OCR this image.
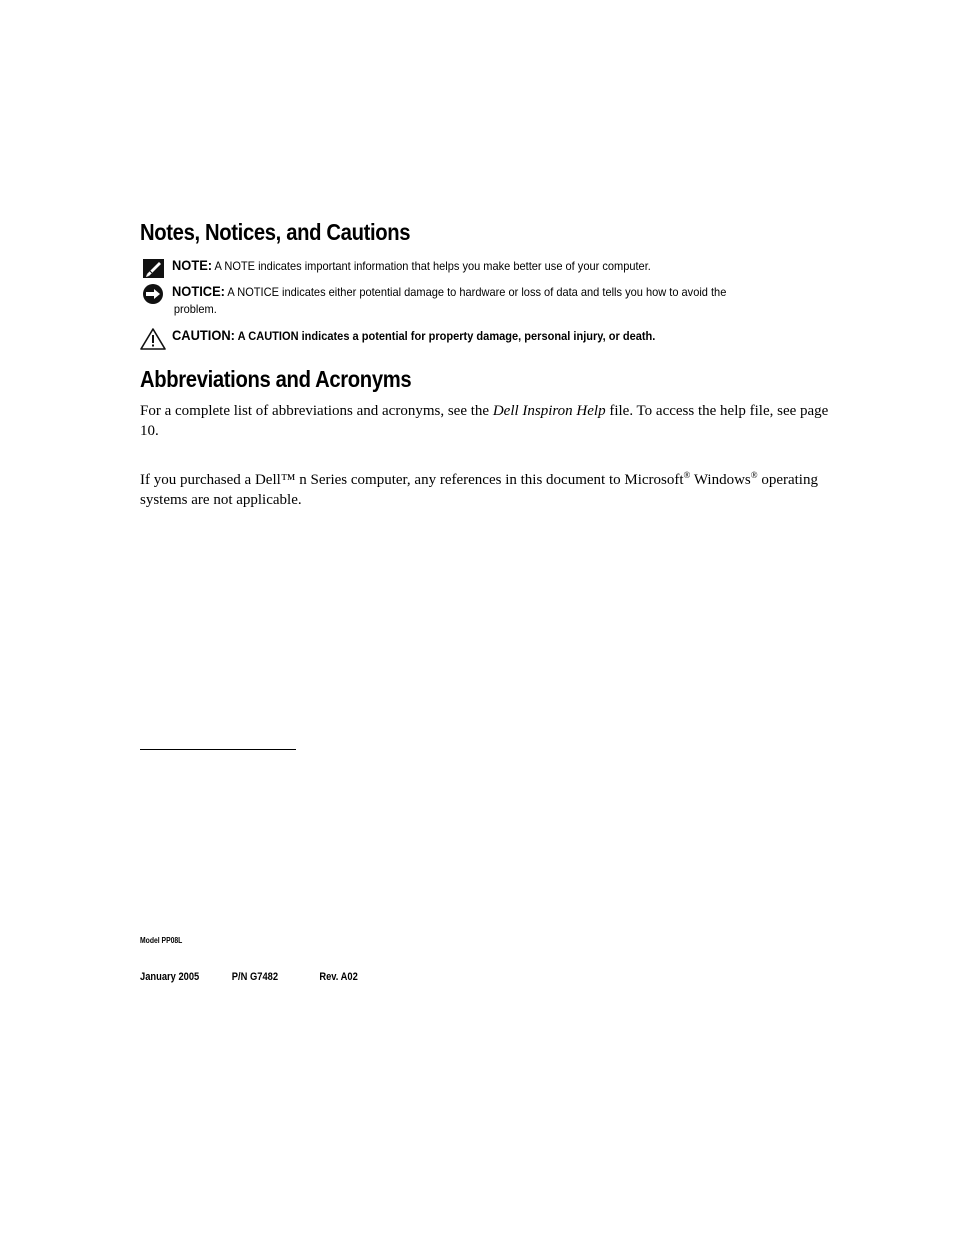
Notes, Notices, and Cautions
NOTE: A NOTE indicates important information that helps you make better use of your computer.
NOTICE: A NOTICE indicates either potential damage to hardware or loss of data and tells you how to avoid the
problem.
CAUTION: A CAUTION indicates a potential for property damage, personal injury, or death.
Abbreviations and Acronyms

For a complete list of abbreviations and acronyms, see the Dell Inspiron Help file. To access the help file, see page 10.

If you purchased a Dell™ n Series computer, any references in this document to Microsoft® Windows® operating systems are not applicable.

Model PP08L
January 2005	P/N G7482	Rev. A02
